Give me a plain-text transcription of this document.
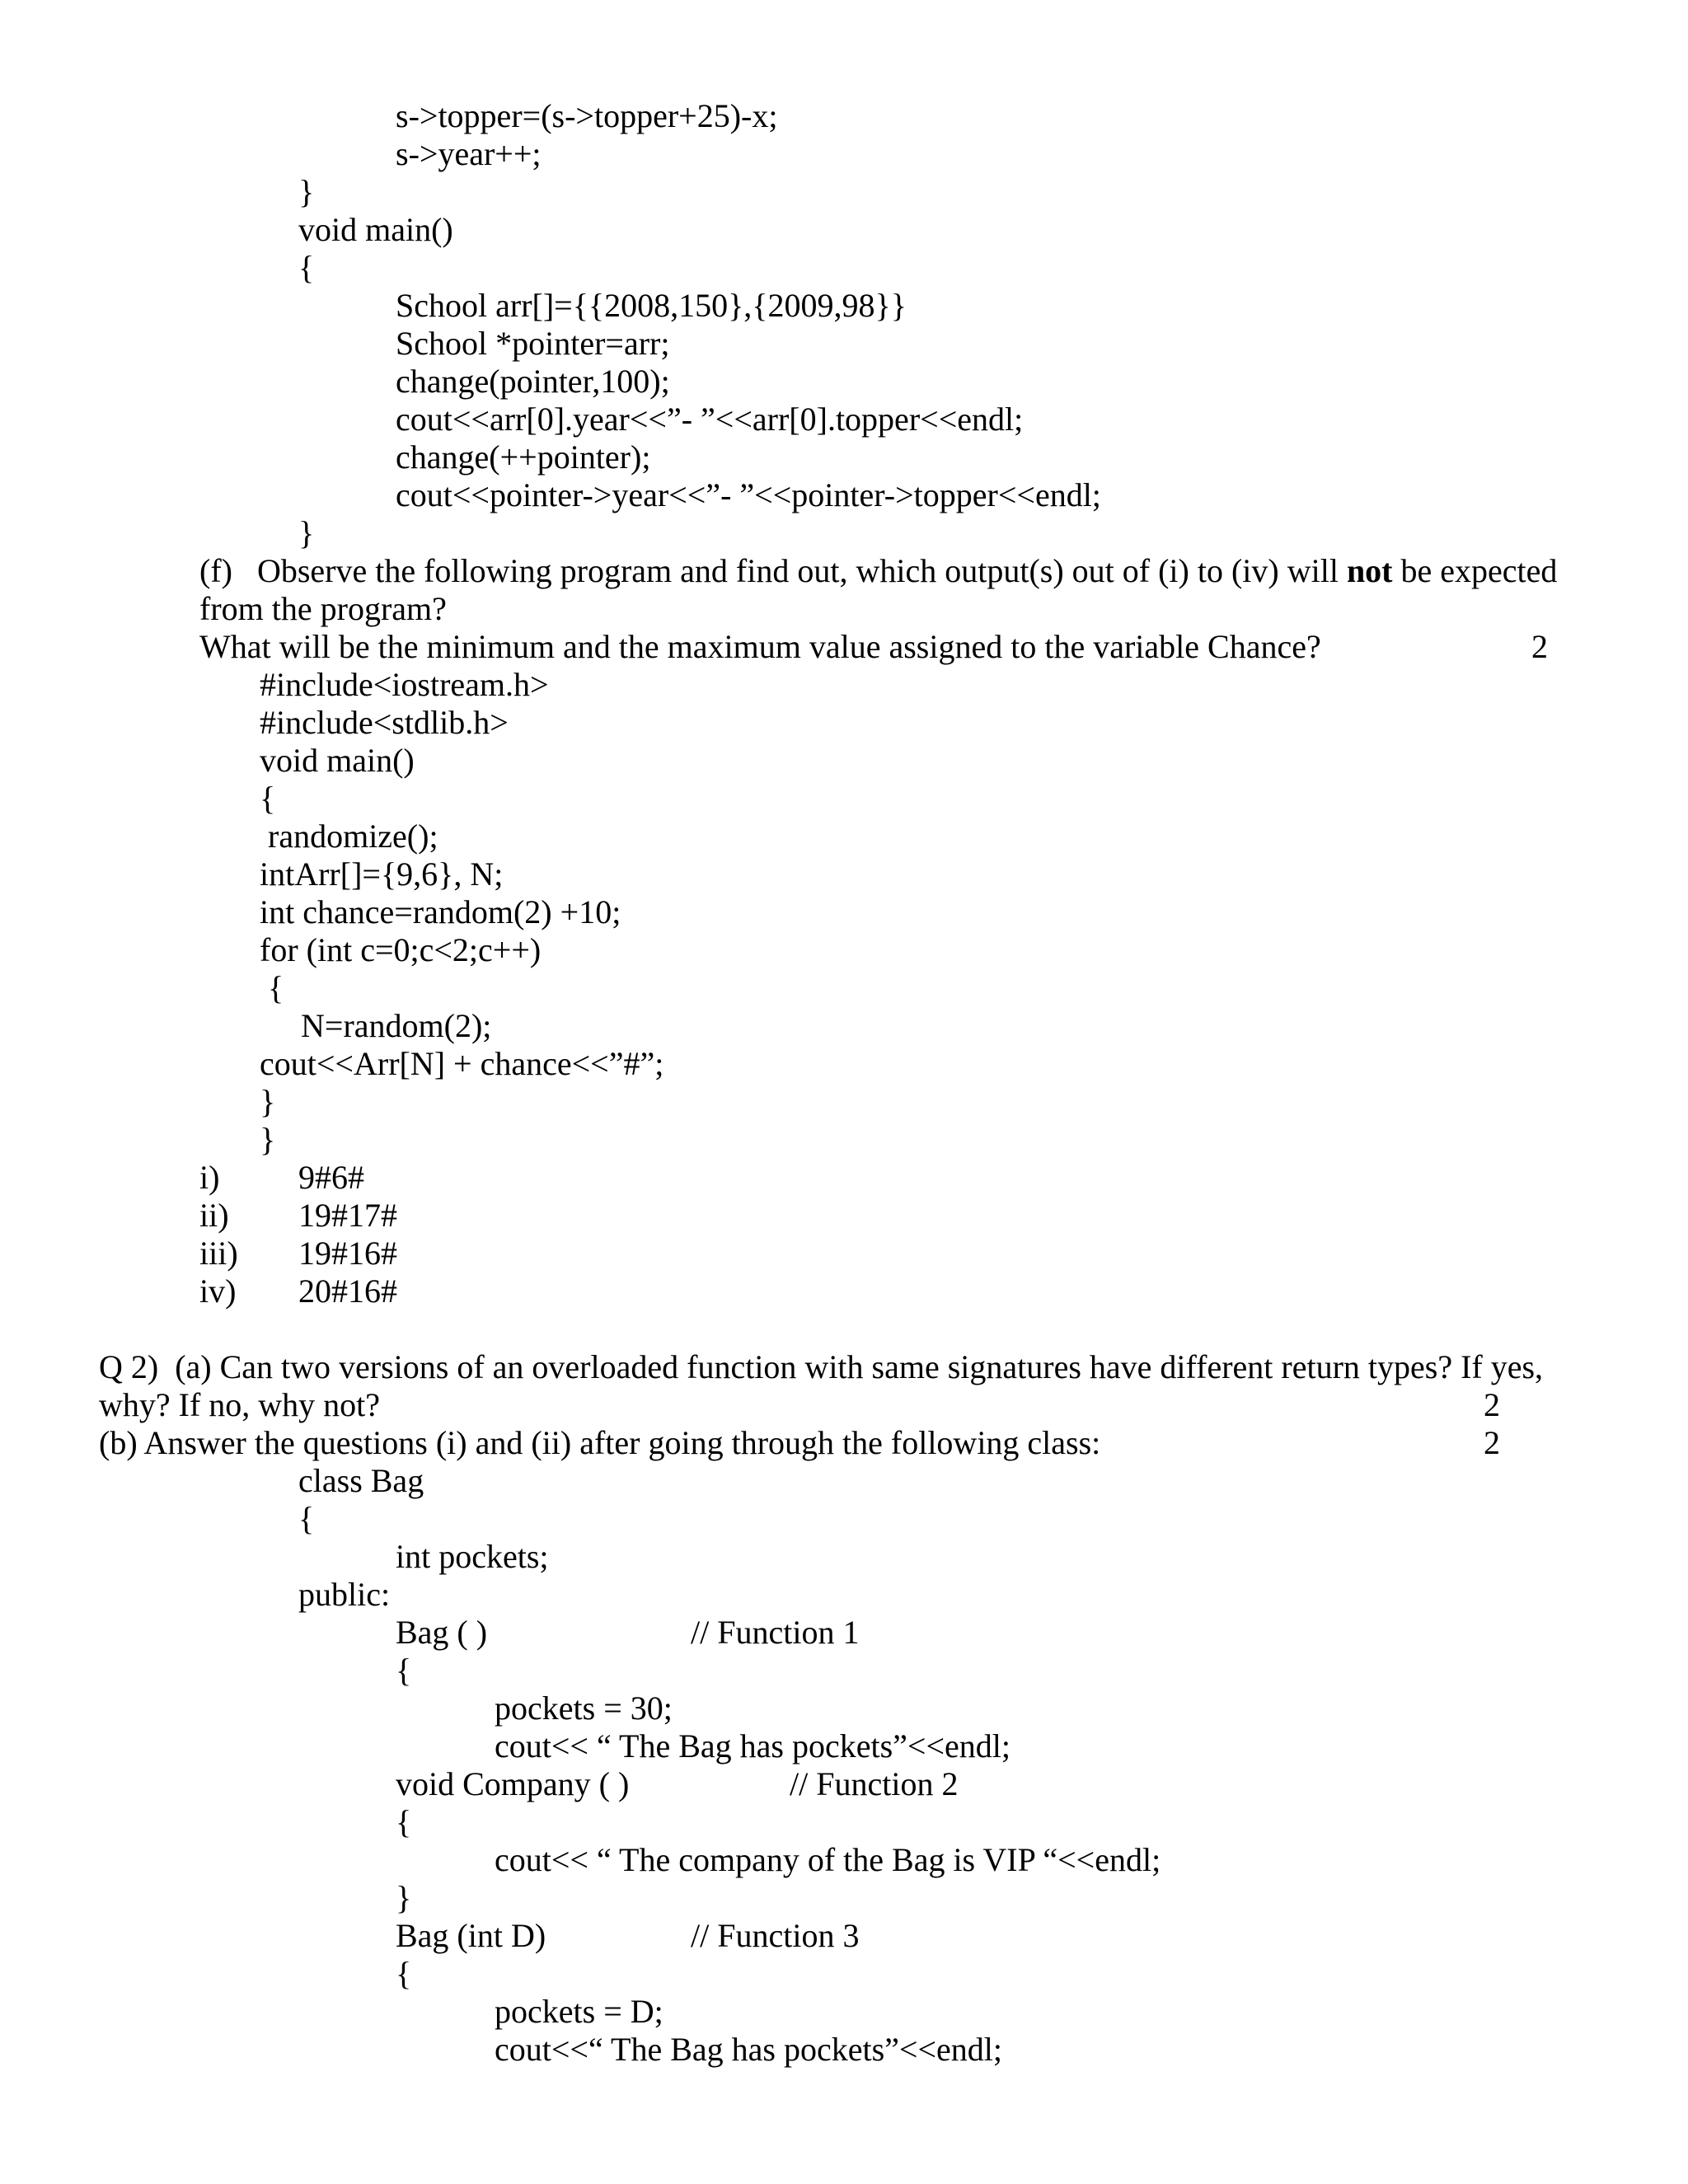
s->topper=(s->topper+25)-x;
s->year++;
}
void main()
{
School arr[]={{2008,150},{2009,98}}
School *pointer=arr;
change(pointer,100);
cout<<arr[0].year<<”- ”<<arr[0].topper<<endl;
change(++pointer);
cout<<pointer->year<<”- ”<<pointer->topper<<endl;
}
(f)   Observe the following program and find out, which output(s) out of (i) to (iv) will not be expected
from the program?
What will be the minimum and the maximum value assigned to the variable Chance?	2
#include<iostream.h>
#include<stdlib.h>
void main()
{
randomize();
intArr[]={9,6}, N;
int chance=random(2) +10;
for (int c=0;c<2;c++)
{
N=random(2);
cout<<Arr[N] + chance<<”#”;
}
}
i) 9#6#
ii) 19#17#
iii) 19#16#
iv) 20#16#
Q 2)  (a) Can two versions of an overloaded function with same signatures have different return types? If yes,
why? If no, why not?	2
(b) Answer the questions (i) and (ii) after going through the following class:	2
class Bag
{
int pockets;
public:
Bag ( )	// Function 1
{
pockets = 30;
cout<< “ The Bag has pockets”<<endl;
void Company ( )	// Function 2
{
cout<< “ The company of the Bag is VIP “<<endl;
}
Bag (int D)	// Function 3
{
pockets = D;
cout<<“ The Bag has pockets”<<endl;
